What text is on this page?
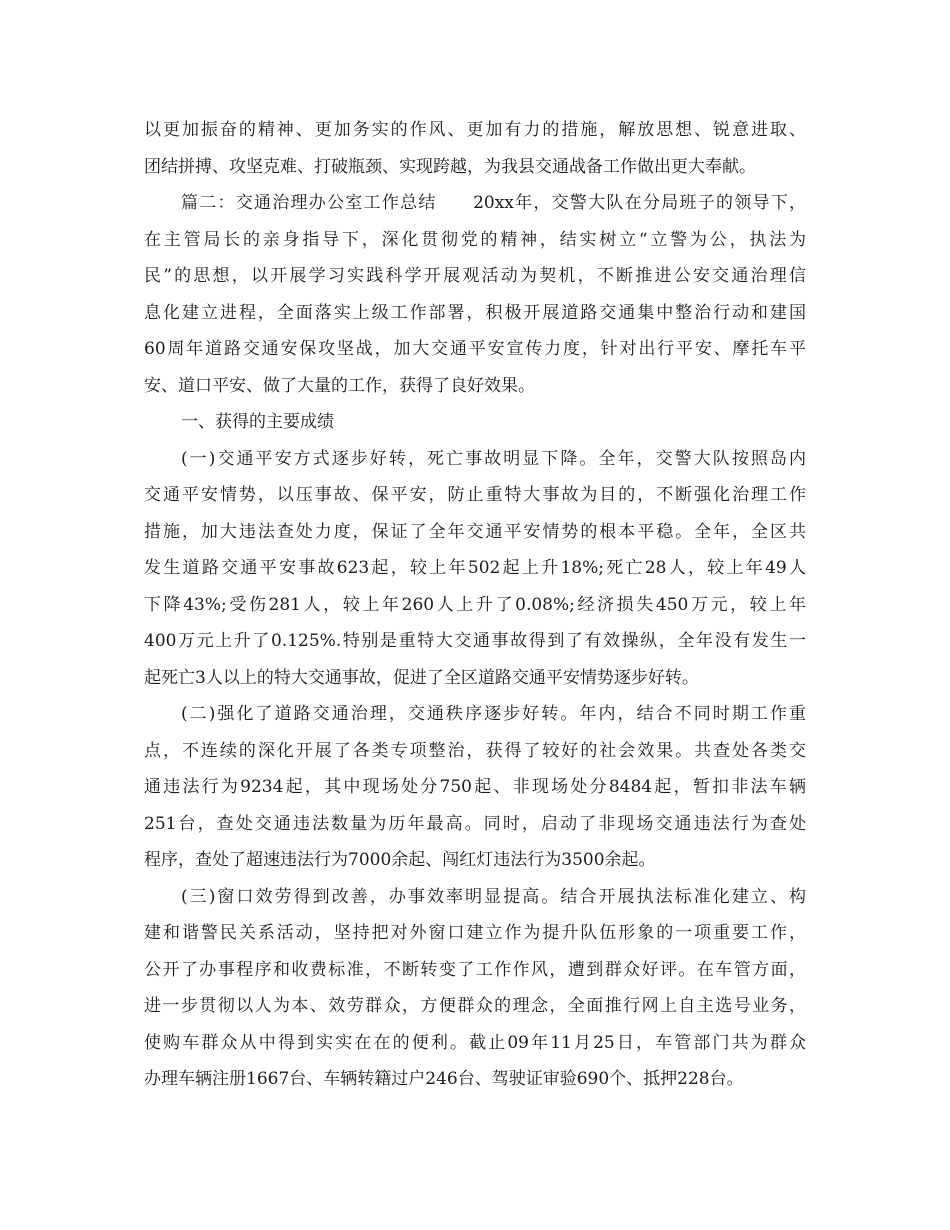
以更加振奋的精神、更加务实的作风、更加有力的措施，解放思想、锐意进取、
团结拼搏、攻坚克难、打破瓶颈、实现跨越，为我县交通战备工作做出更大奉献。
篇二：交通治理办公室工作总结　　20xx年，交警大队在分局班子的领导下，
在主管局长的亲身指导下，深化贯彻党的精神，结实树立“立警为公，执法为
民”的思想，以开展学习实践科学开展观活动为契机，不断推进公安交通治理信
息化建立进程，全面落实上级工作部署，积极开展道路交通集中整治行动和建国
60周年道路交通安保攻坚战，加大交通平安宣传力度，针对出行平安、摩托车平
安、道口平安、做了大量的工作，获得了良好效果。
一、获得的主要成绩
(一)交通平安方式逐步好转，死亡事故明显下降。全年，交警大队按照岛内
交通平安情势，以压事故、保平安，防止重特大事故为目的，不断强化治理工作
措施，加大违法查处力度，保证了全年交通平安情势的根本平稳。全年，全区共
发生道路交通平安事故623起，较上年502起上升18%;死亡28人，较上年49人
下降43%;受伤281人，较上年260人上升了0.08%;经济损失450万元，较上年
400万元上升了0.125%.特别是重特大交通事故得到了有效操纵，全年没有发生一
起死亡3人以上的特大交通事故，促进了全区道路交通平安情势逐步好转。
(二)强化了道路交通治理，交通秩序逐步好转。年内，结合不同时期工作重
点，不连续的深化开展了各类专项整治，获得了较好的社会效果。共查处各类交
通违法行为9234起，其中现场处分750起、非现场处分8484起，暂扣非法车辆
251台，查处交通违法数量为历年最高。同时，启动了非现场交通违法行为查处
程序，查处了超速违法行为7000余起、闯红灯违法行为3500余起。
(三)窗口效劳得到改善，办事效率明显提高。结合开展执法标准化建立、构
建和谐警民关系活动，坚持把对外窗口建立作为提升队伍形象的一项重要工作，
公开了办事程序和收费标准，不断转变了工作作风，遭到群众好评。在车管方面，
进一步贯彻以人为本、效劳群众，方便群众的理念，全面推行网上自主选号业务，
使购车群众从中得到实实在在的便利。截止09年11月25日，车管部门共为群众
办理车辆注册1667台、车辆转籍过户246台、驾驶证审验690个、抵押228台。
